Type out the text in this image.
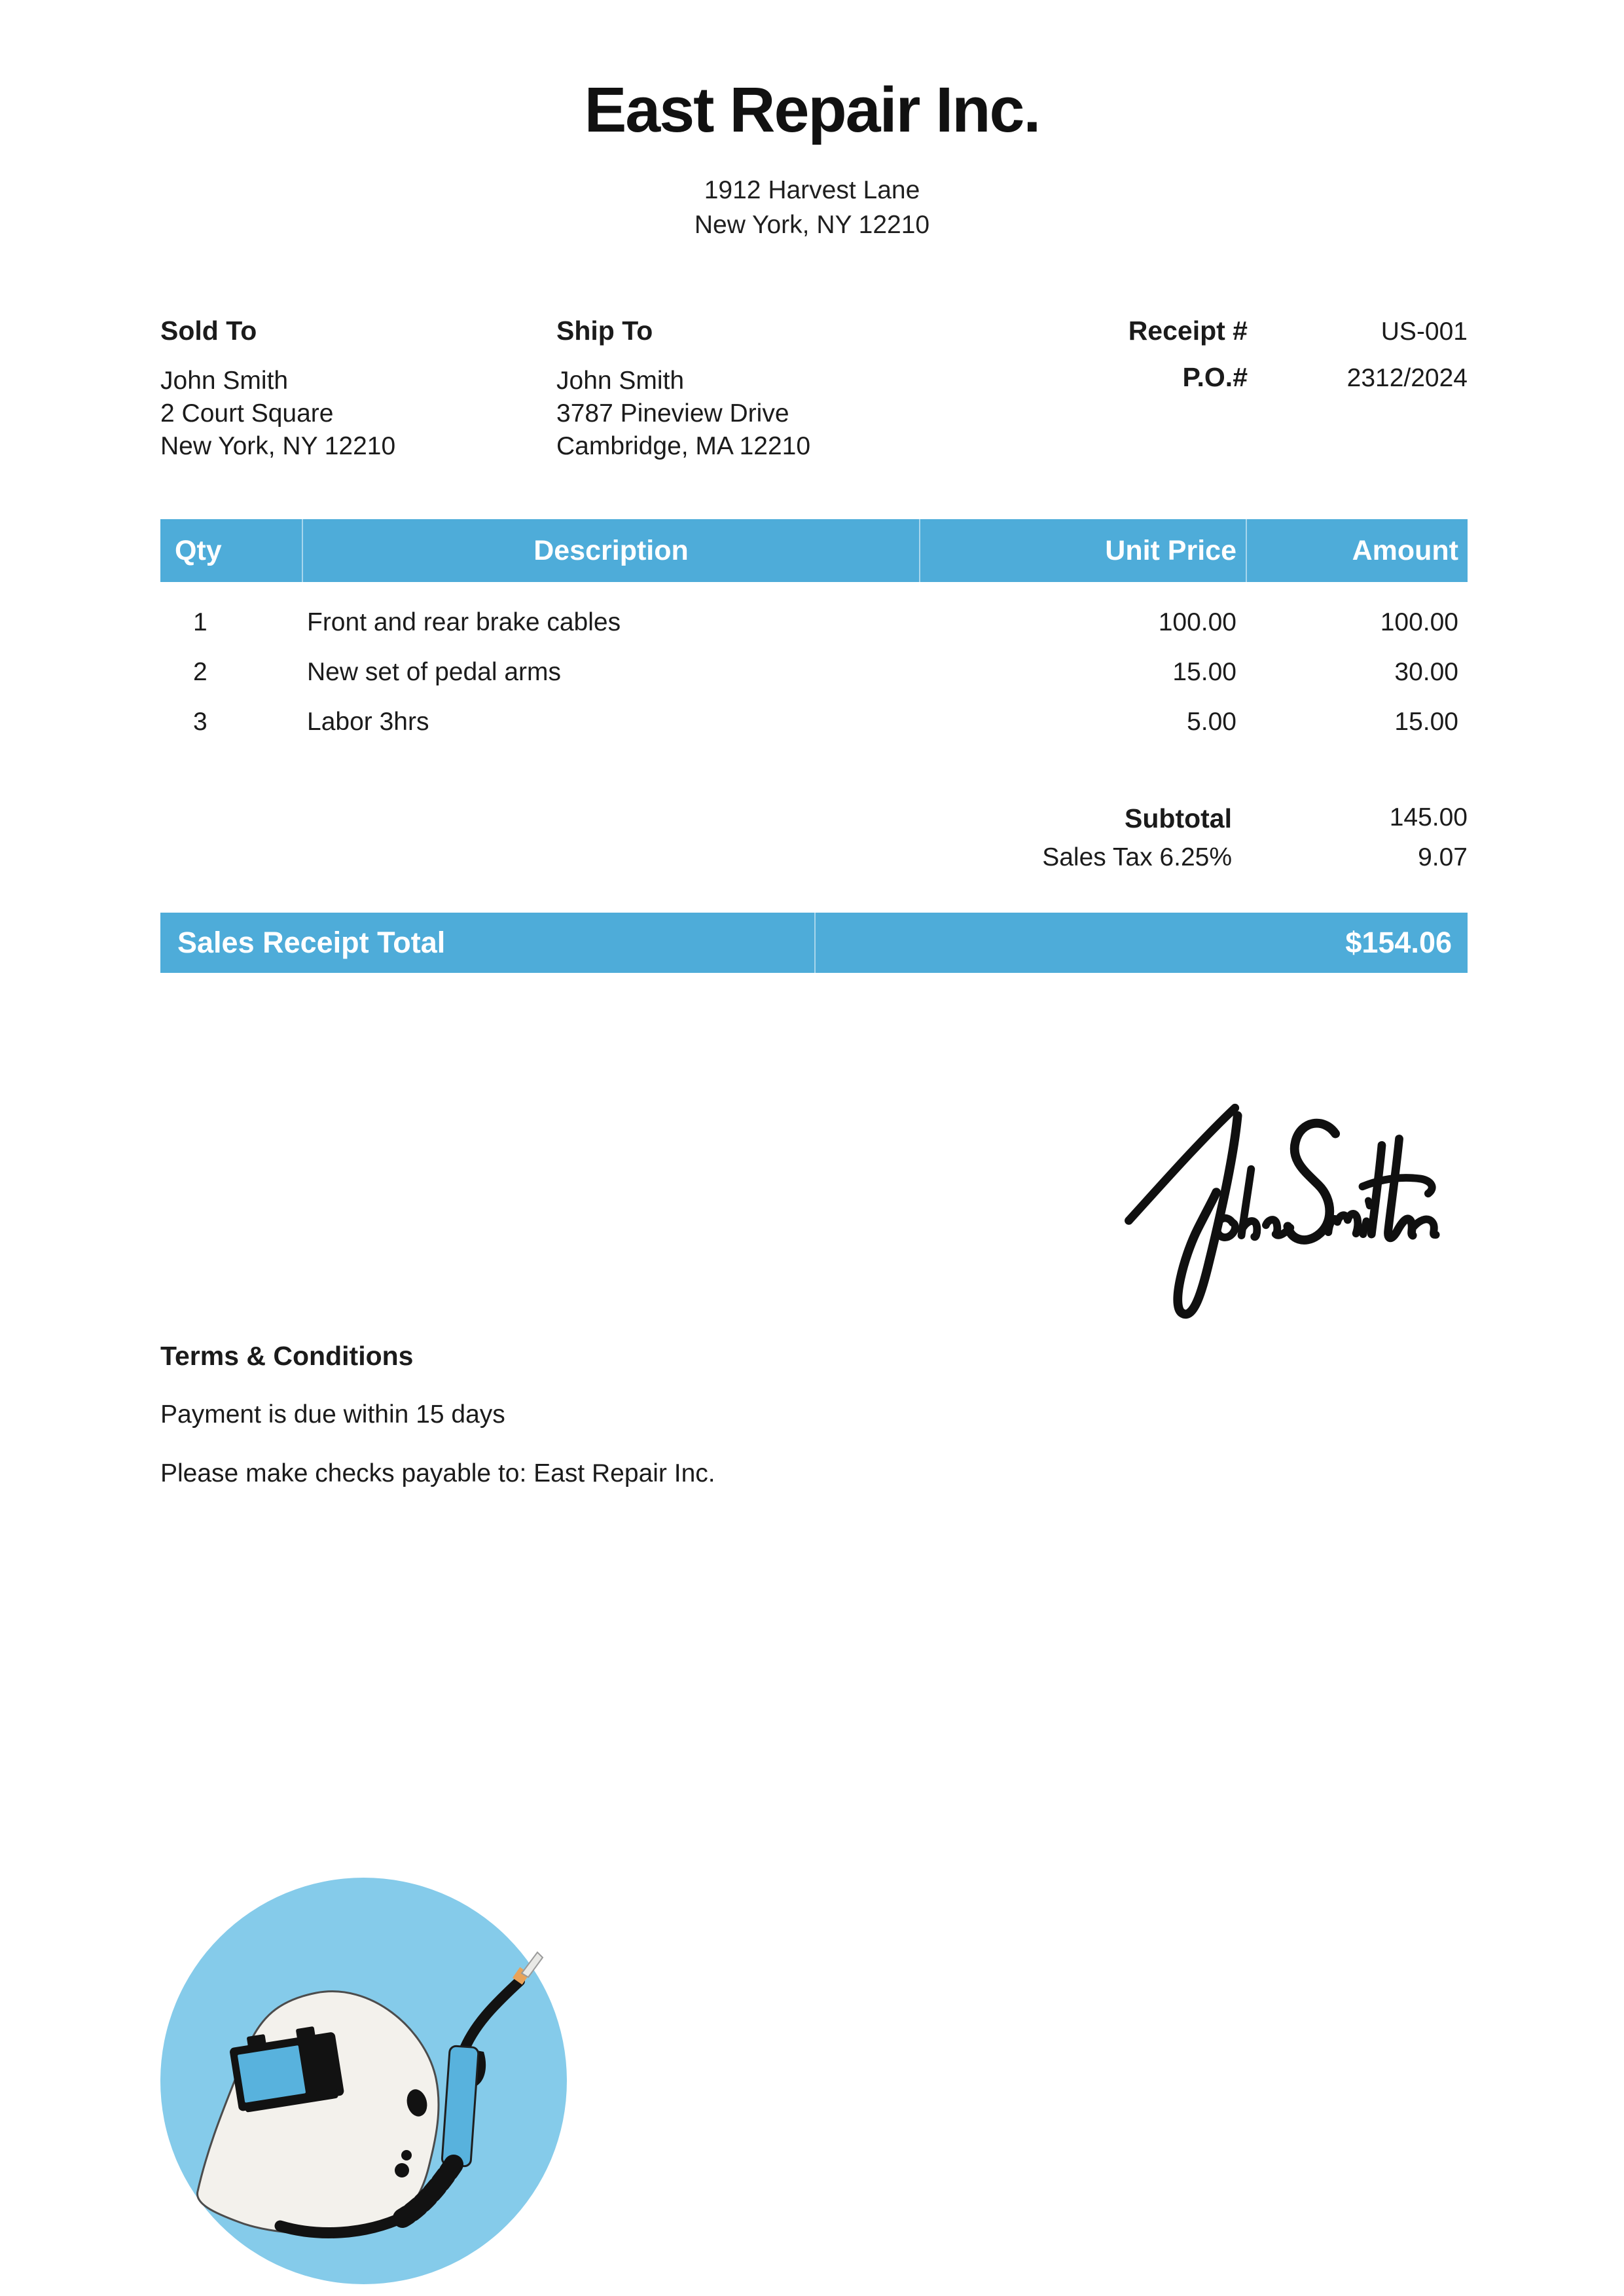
East Repair Inc.
1912 Harvest Lane
New York, NY 12210
Sold To
John Smith
2 Court Square
New York, NY 12210
Ship To
John Smith
3787 Pineview Drive
Cambridge, MA 12210
Receipt #	US-001
P.O.#	2312/2024
Qty	Description	Unit Price	Amount
1	Front and rear brake cables	100.00	100.00
2	New set of pedal arms	15.00	30.00
3	Labor 3hrs	5.00	15.00
Subtotal	145.00
Sales Tax 6.25%	9.07
Sales Receipt Total	$154.06
Terms & Conditions

Payment is due within 15 days

Please make checks payable to: East Repair Inc.
